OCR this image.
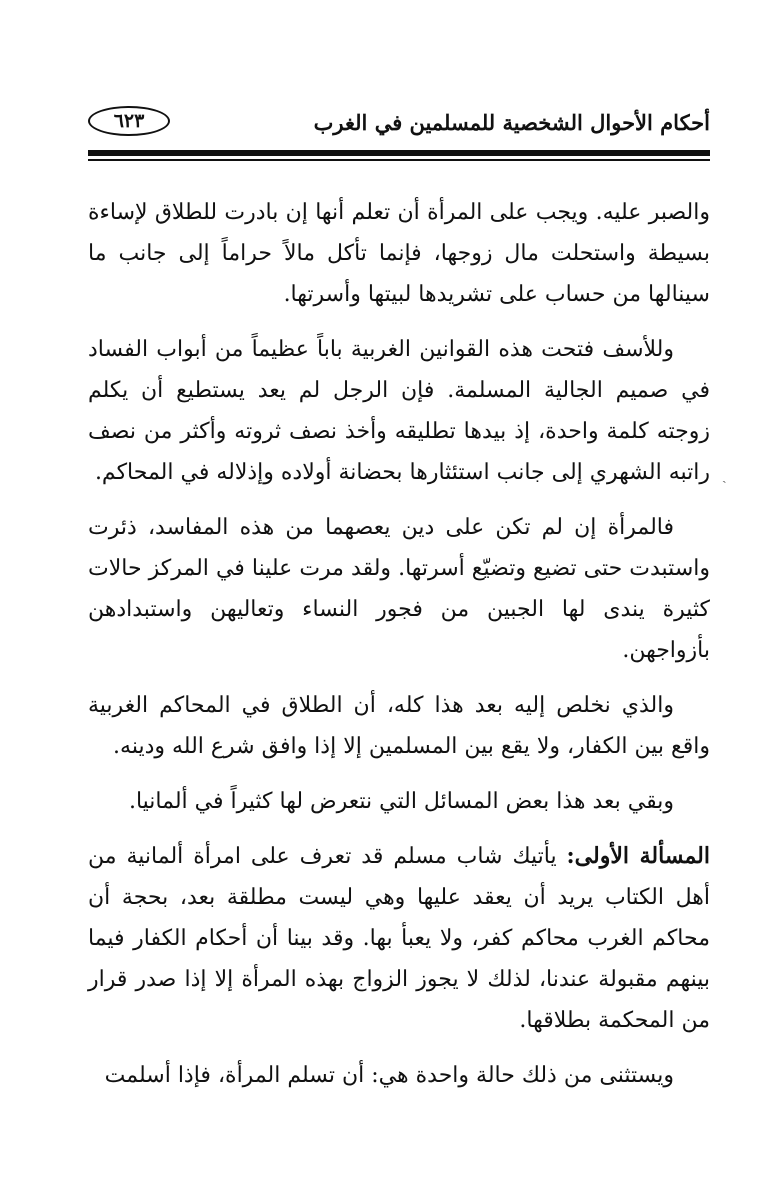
أحكام الأحوال الشخصية للمسلمين في الغرب
٦٢٣
ˎ

والصبر عليه. ويجب على المرأة أن تعلم أنها إن بادرت للطلاق لإساءة بسيطة واستحلت مال زوجها، فإنما تأكل مالاً حراماً إلى جانب ما سينالها من حساب على تشريدها لبيتها وأسرتها.

وللأسف فتحت هذه القوانين الغربية باباً عظيماً من أبواب الفساد في صميم الجالية المسلمة. فإن الرجل لم يعد يستطيع أن يكلم زوجته كلمة واحدة، إذ بيدها تطليقه وأخذ نصف ثروته وأكثر من نصف راتبه الشهري إلى جانب استئثارها بحضانة أولاده وإذلاله في المحاكم.

فالمرأة إن لم تكن على دين يعصهما من هذه المفاسد، ذئرت واستبدت حتى تضيع وتضيّع أسرتها. ولقد مرت علينا في المركز حالات كثيرة يندى لها الجبين من فجور النساء وتعاليهن واستبدادهن بأزواجهن.

والذي نخلص إليه بعد هذا كله، أن الطلاق في المحاكم الغربية واقع بين الكفار، ولا يقع بين المسلمين إلا إذا وافق شرع الله ودينه.

وبقي بعد هذا بعض المسائل التي نتعرض لها كثيراً في ألمانيا.

المسألة الأولى: يأتيك شاب مسلم قد تعرف على امرأة ألمانية من أهل الكتاب يريد أن يعقد عليها وهي ليست مطلقة بعد، بحجة أن محاكم الغرب محاكم كفر، ولا يعبأ بها. وقد بينا أن أحكام الكفار فيما بينهم مقبولة عندنا، لذلك لا يجوز الزواج بهذه المرأة إلا إذا صدر قرار من المحكمة بطلاقها.

ويستثنى من ذلك حالة واحدة هي: أن تسلم المرأة، فإذا أسلمت
